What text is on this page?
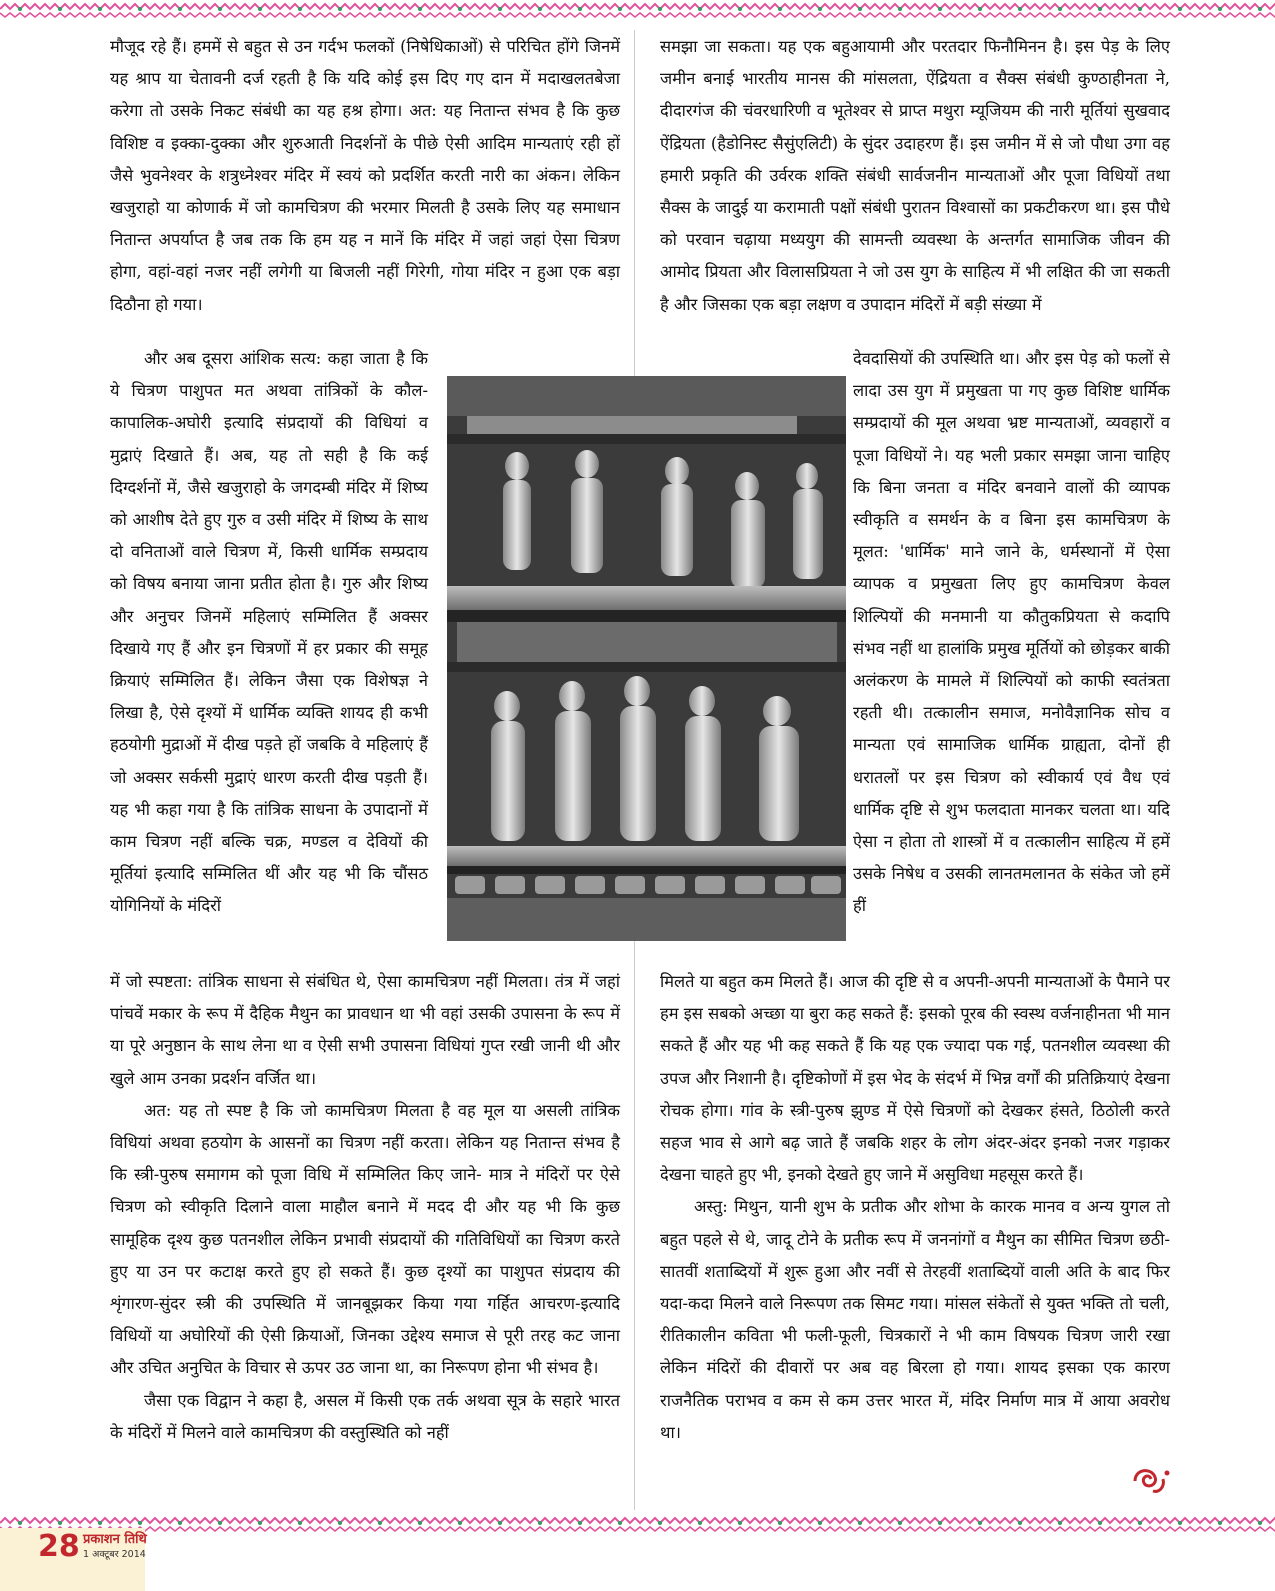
मौजूद रहे हैं। हममें से बहुत से उन गर्दभ फलकों (निषेधिकाओं) से परिचित होंगे जिनमें यह श्राप या चेतावनी दर्ज रहती है कि यदि कोई इस दिए गए दान में मदाखलतबेजा करेगा तो उसके निकट संबंधी का यह हश्र होगा। अत: यह नितान्त संभव है कि कुछ विशिष्ट व इक्का-दुक्का और शुरुआती निदर्शनों के पीछे ऐसी आदिम मान्यताएं रही हों जैसे भुवनेश्वर के शत्रुध्नेश्वर मंदिर में स्वयं को प्रदर्शित करती नारी का अंकन। लेकिन खजुराहो या कोणार्क में जो कामचित्रण की भरमार मिलती है उसके लिए यह समाधान नितान्त अपर्याप्त है जब तक कि हम यह न मानें कि मंदिर में जहां जहां ऐसा चित्रण होगा, वहां-वहां नजर नहीं लगेगी या बिजली नहीं गिरेगी, गोया मंदिर न हुआ एक बड़ा दिठौना हो गया।

और अब दूसरा आंशिक सत्य: कहा जाता है कि ये चित्रण पाशुपत मत अथवा तांत्रिकों के कौल-कापालिक-अघोरी इत्यादि संप्रदायों की विधियां व मुद्राएं दिखाते हैं। अब, यह तो सही है कि कई दिग्दर्शनों में, जैसे खजुराहो के जगदम्बी मंदिर में शिष्य को आशीष देते हुए गुरु व उसी मंदिर में शिष्य के साथ दो वनिताओं वाले चित्रण में, किसी धार्मिक सम्प्रदाय को विषय बनाया जाना प्रतीत होता है। गुरु और शिष्य और अनुचर जिनमें महिलाएं सम्मिलित हैं अक्सर दिखाये गए हैं और इन चित्रणों में हर प्रकार की समूह क्रियाएं सम्मिलित हैं। लेकिन जैसा एक विशेषज्ञ ने लिखा है, ऐसे दृश्यों में धार्मिक व्यक्ति शायद ही कभी हठयोगी मुद्राओं में दीख पड़ते हों जबकि वे महिलाएं हैं जो अक्सर सर्कसी मुद्राएं धारण करती दीख पड़ती हैं। यह भी कहा गया है कि तांत्रिक साधना के उपादानों में काम चित्रण नहीं बल्कि चक्र, मण्डल व देवियों की मूर्तियां इत्यादि सम्मिलित थीं और यह भी कि चौंसठ योगिनियों के मंदिरों

में जो स्पष्टता: तांत्रिक साधना से संबंधित थे, ऐसा कामचित्रण नहीं मिलता। तंत्र में जहां पांचवें मकार के रूप में दैहिक मैथुन का प्रावधान था भी वहां उसकी उपासना के रूप में या पूरे अनुष्ठान के साथ लेना था व ऐसी सभी उपासना विधियां गुप्त रखी जानी थी और खुले आम उनका प्रदर्शन वर्जित था।

अत: यह तो स्पष्ट है कि जो कामचित्रण मिलता है वह मूल या असली तांत्रिक विधियां अथवा हठयोग के आसनों का चित्रण नहीं करता। लेकिन यह नितान्त संभव है कि स्त्री-पुरुष समागम को पूजा विधि में सम्मिलित किए जाने- मात्र ने मंदिरों पर ऐसे चित्रण को स्वीकृति दिलाने वाला माहौल बनाने में मदद दी और यह भी कि कुछ सामूहिक दृश्य कुछ पतनशील लेकिन प्रभावी संप्रदायों की गतिविधियों का चित्रण करते हुए या उन पर कटाक्ष करते हुए हो सकते हैं। कुछ दृश्यों का पाशुपत संप्रदाय की शृंगारण-सुंदर स्त्री की उपस्थिति में जानबूझकर किया गया गर्हित आचरण-इत्यादि विधियों या अघोरियों की ऐसी क्रियाओं, जिनका उद्देश्य समाज से पूरी तरह कट जाना और उचित अनुचित के विचार से ऊपर उठ जाना था, का निरूपण होना भी संभव है।

जैसा एक विद्वान ने कहा है, असल में किसी एक तर्क अथवा सूत्र के सहारे भारत के मंदिरों में मिलने वाले कामचित्रण की वस्तुस्थिति को नहीं

समझा जा सकता। यह एक बहुआयामी और परतदार फिनौमिनन है। इस पेड़ के लिए जमीन बनाई भारतीय मानस की मांसलता, ऐंद्रियता व सैक्स संबंधी कुण्ठाहीनता ने, दीदारगंज की चंवरधारिणी व भूतेश्वर से प्राप्त मथुरा म्यूजियम की नारी मूर्तियां सुखवाद ऐंद्रियता (हैडोनिस्ट सैसुंएलिटी) के सुंदर उदाहरण हैं। इस जमीन में से जो पौधा उगा वह हमारी प्रकृति की उर्वरक शक्ति संबंधी सार्वजनीन मान्यताओं और पूजा विधियों तथा सैक्स के जादुई या करामाती पक्षों संबंधी पुरातन विश्वासों का प्रकटीकरण था। इस पौधे को परवान चढ़ाया मध्ययुग की सामन्ती व्यवस्था के अन्तर्गत सामाजिक जीवन की आमोद प्रियता और विलासप्रियता ने जो उस युग के साहित्य में भी लक्षित की जा सकती है और जिसका एक बड़ा लक्षण व उपादान मंदिरों में बड़ी संख्या में

देवदासियों की उपस्थिति था। और इस पेड़ को फलों से लादा उस युग में प्रमुखता पा गए कुछ विशिष्ट धार्मिक सम्प्रदायों की मूल अथवा भ्रष्ट मान्यताओं, व्यवहारों व पूजा विधियों ने। यह भली प्रकार समझा जाना चाहिए कि बिना जनता व मंदिर बनवाने वालों की व्यापक स्वीकृति व समर्थन के व बिना इस कामचित्रण के मूलत: 'धार्मिक' माने जाने के, धर्मस्थानों में ऐसा व्यापक व प्रमुखता लिए हुए कामचित्रण केवल शिल्पियों की मनमानी या कौतुकप्रियता से कदापि संभव नहीं था हालांकि प्रमुख मूर्तियों को छोड़कर बाकी अलंकरण के मामले में शिल्पियों को काफी स्वतंत्रता रहती थी। तत्कालीन समाज, मनोवैज्ञानिक सोच व मान्यता एवं सामाजिक धार्मिक ग्राह्यता, दोनों ही धरातलों पर इस चित्रण को स्वीकार्य एवं वैध एवं धार्मिक दृष्टि से शुभ फलदाता मानकर चलता था। यदि ऐसा न होता तो शास्त्रों में व तत्कालीन साहित्य में हमें उसके निषेध व उसकी लानतमलानत के संकेत जो हमें हीं

मिलते या बहुत कम मिलते हैं। आज की दृष्टि से व अपनी-अपनी मान्यताओं के पैमाने पर हम इस सबको अच्छा या बुरा कह सकते हैं: इसको पूरब की स्वस्थ वर्जनाहीनता भी मान सकते हैं और यह भी कह सकते हैं कि यह एक ज्यादा पक गई, पतनशील व्यवस्था की उपज और निशानी है। दृष्टिकोणों में इस भेद के संदर्भ में भिन्न वर्गों की प्रतिक्रियाएं देखना रोचक होगा। गांव के स्त्री-पुरुष झुण्ड में ऐसे चित्रणों को देखकर हंसते, ठिठोली करते सहज भाव से आगे बढ़ जाते हैं जबकि शहर के लोग अंदर-अंदर इनको नजर गड़ाकर देखना चाहते हुए भी, इनको देखते हुए जाने में असुविधा महसूस करते हैं।

अस्तु: मिथुन, यानी शुभ के प्रतीक और शोभा के कारक मानव व अन्य युगल तो बहुत पहले से थे, जादू टोने के प्रतीक रूप में जननांगों व मैथुन का सीमित चित्रण छठी-सातवीं शताब्दियों में शुरू हुआ और नवीं से तेरहवीं शताब्दियों वाली अति के बाद फिर यदा-कदा मिलने वाले निरूपण तक सिमट गया। मांसल संकेतों से युक्त भक्ति तो चली, रीतिकालीन कविता भी फली-फूली, चित्रकारों ने भी काम विषयक चित्रण जारी रखा लेकिन मंदिरों की दीवारों पर अब वह बिरला हो गया। शायद इसका एक कारण राजनैतिक पराभव व कम से कम उत्तर भारत में, मंदिर निर्माण मात्र में आया अवरोध था।

28 प्रकाशन तिथि
1 अक्टूबर 2014
